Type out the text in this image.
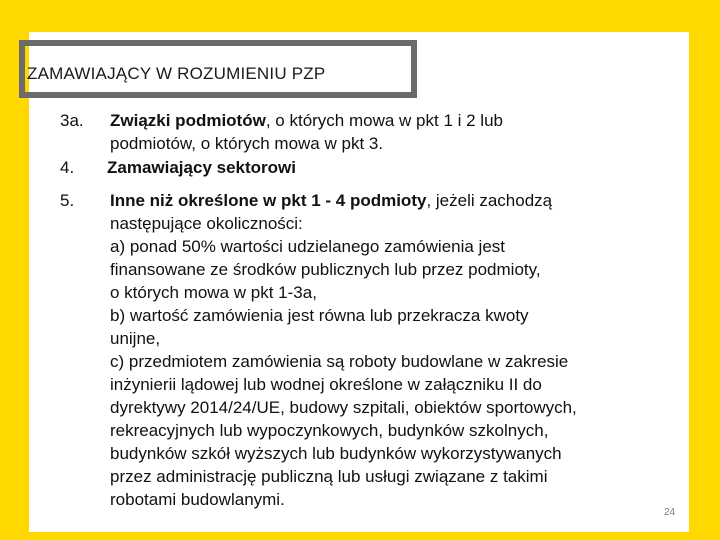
ZAMAWIAJĄCY W ROZUMIENIU PZP
3a. Związki podmiotów, o których mowa w pkt 1 i 2 lub
podmiotów, o których mowa w pkt 3.
4. Zamawiający sektorowi
5. Inne niż określone w pkt 1 - 4 podmioty, jeżeli zachodzą
następujące okoliczności:
a) ponad 50% wartości udzielanego zamówienia jest
finansowane ze środków publicznych lub przez podmioty,
o których mowa w pkt 1-3a,
b) wartość zamówienia jest równa lub przekracza kwoty
unijne,
c) przedmiotem zamówienia są roboty budowlane w zakresie
inżynierii lądowej lub wodnej określone w załączniku II do
dyrektywy 2014/24/UE, budowy szpitali, obiektów sportowych,
rekreacyjnych lub wypoczynkowych, budynków szkolnych,
budynków szkół wyższych lub budynków wykorzystywanych
przez administrację publiczną lub usługi związane z takimi
robotami budowlanymi.
24
